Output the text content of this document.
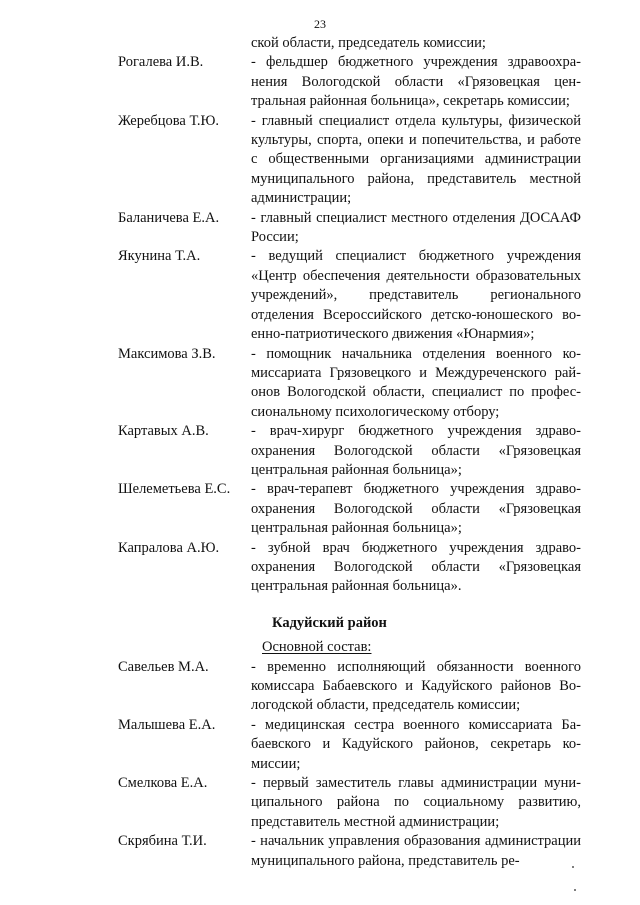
23
ской области, председатель комиссии;
Рогалева И.В.	- фельдшер бюджетного учреждения здравоохранения Вологодской области «Грязовецкая центральная районная больница», секретарь комиссии;
Жеребцова Т.Ю.	- главный специалист отдела культуры, физической культуры, спорта, опеки и попечительства, и работе с общественными организациями администрации муниципального района, представитель местной администрации;
Баланичева Е.А.	- главный специалист местного отделения ДОСААФ России;
Якунина Т.А.	- ведущий специалист бюджетного учреждения «Центр обеспечения деятельности образовательных учреждений», представитель регионального отделения Всероссийского детско-юношеского военно-патриотического движения «Юнармия»;
Максимова З.В.	- помощник начальника отделения военного комиссариата Грязовецкого и Междуреченского районов Вологодской области, специалист по профессиональному психологическому отбору;
Картавых А.В.	- врач-хирург бюджетного учреждения здравоохранения Вологодской области «Грязовецкая центральная районная больница»;
Шелеметьева Е.С.	- врач-терапевт бюджетного учреждения здравоохранения Вологодской области «Грязовецкая центральная районная больница»;
Капралова А.Ю.	- зубной врач бюджетного учреждения здравоохранения Вологодской области «Грязовецкая центральная районная больница».
Кадуйский район
Основной состав:
Савельев М.А.	- временно исполняющий обязанности военного комиссара Бабаевского и Кадуйского районов Вологодской области, председатель комиссии;
Малышева Е.А.	- медицинская сестра военного комиссариата Бабаевского и Кадуйского районов, секретарь комиссии;
Смелкова Е.А.	- первый заместитель главы администрации муниципального района по социальному развитию, представитель местной администрации;
Скрябина Т.И.	- начальник управления образования администрации муниципального района, представитель ре-
